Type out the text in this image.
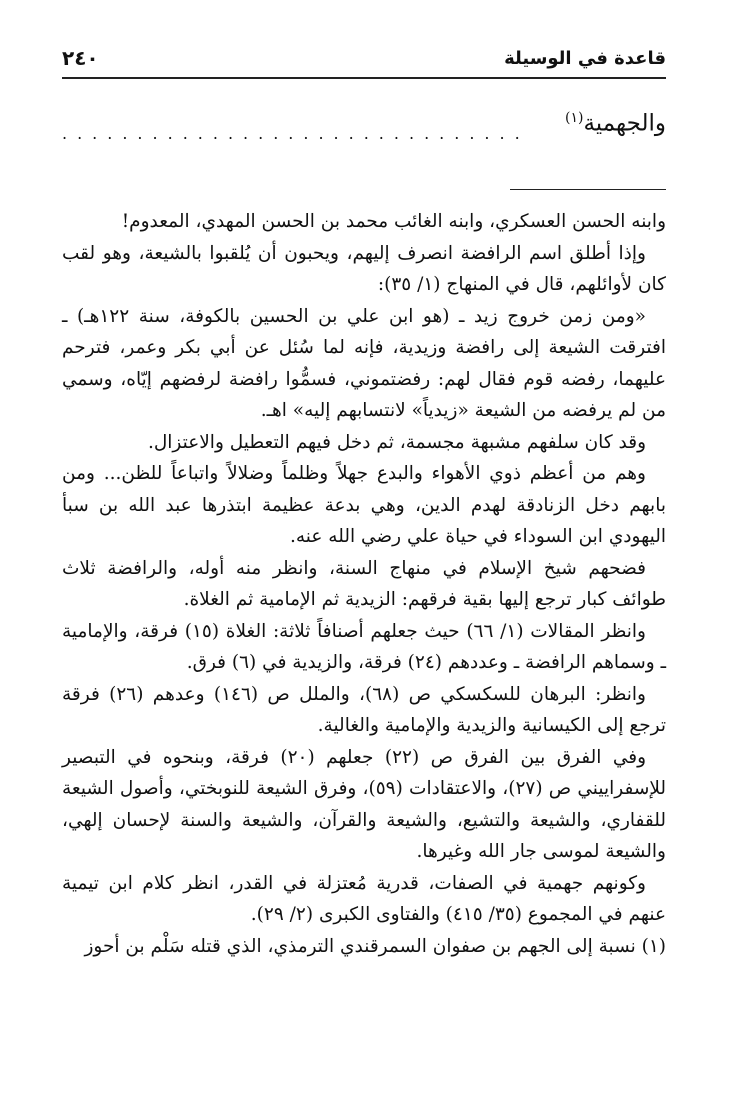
قاعدة في الوسيلة
٢٤٠
والجهمية$^{(١)}$
...............................

وابنه الحسن العسكري، وابنه الغائب محمد بن الحسن المهدي، المعدوم!

وإذا أطلق اسم الرافضة انصرف إليهم، ويحبون أن يُلقبوا بالشيعة، وهو لقب كان لأوائلهم، قال في المنهاج (١/ ٣٥):

«ومن زمن خروج زيد ـ (هو ابن علي بن الحسين بالكوفة، سنة ١٢٢هـ) ـ افترقت الشيعة إلى رافضة وزيدية، فإنه لما سُئل عن أبي بكر وعمر، فترحم عليهما، رفضه قوم فقال لهم: رفضتموني، فسمُّوا رافضة لرفضهم إيّاه، وسمي من لم يرفضه من الشيعة «زيدياً» لانتسابهم إليه» اهـ.

وقد كان سلفهم مشبهة مجسمة، ثم دخل فيهم التعطيل والاعتزال.

وهم من أعظم ذوي الأهواء والبدع جهلاً وظلماً وضلالاً واتباعاً للظن... ومن بابهم دخل الزنادقة لهدم الدين، وهي بدعة عظيمة ابتذرها عبد الله بن سبأ اليهودي ابن السوداء في حياة علي رضي الله عنه.

فضحهم شيخ الإسلام في منهاج السنة، وانظر منه أوله، والرافضة ثلاث طوائف كبار ترجع إليها بقية فرقهم: الزيدية ثم الإمامية ثم الغلاة.

وانظر المقالات (١/ ٦٦) حيث جعلهم أصنافاً ثلاثة: الغلاة (١٥) فرقة، والإمامية ـ وسماهم الرافضة ـ وعددهم (٢٤) فرقة، والزيدية في (٦) فرق.

وانظر: البرهان للسكسكي ص (٦٨)، والملل ص (١٤٦) وعدهم (٢٦) فرقة ترجع إلى الكيسانية والزيدية والإمامية والغالية.

وفي الفرق بين الفرق ص (٢٢) جعلهم (٢٠) فرقة، وبنحوه في التبصير للإسفراييني ص (٢٧)، والاعتقادات (٥٩)، وفرق الشيعة للنوبختي، وأصول الشيعة للقفاري، والشيعة والتشيع، والشيعة والقرآن، والشيعة والسنة لإحسان إلهي، والشيعة لموسى جار الله وغيرها.

وكونهم جهمية في الصفات، قدرية مُعتزلة في القدر، انظر كلام ابن تيمية عنهم في المجموع (٣٥/ ٤١٥) والفتاوى الكبرى (٢/ ٢٩).

(١) نسبة إلى الجهم بن صفوان السمرقندي الترمذي، الذي قتله سَلْم بن أحوز
